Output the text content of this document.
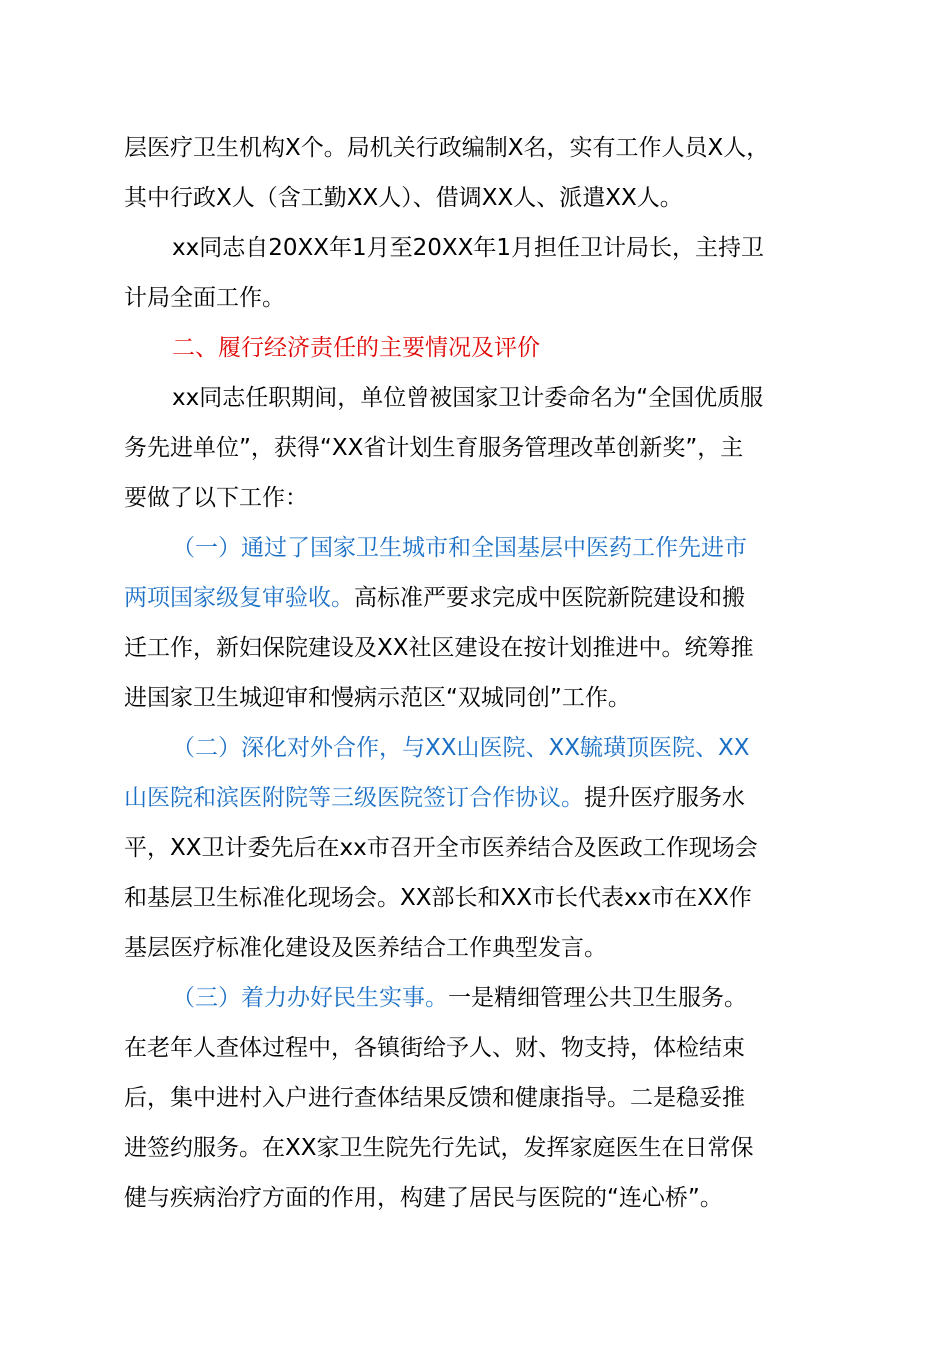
层医疗卫生机构X个。局机关行政编制X名，实有工作人员X人，
其中行政X人（含工勤XX人）、借调XX人、派遣XX人。
xx同志自20XX年1月至20XX年1月担任卫计局长，主持卫
计局全面工作。
二、履行经济责任的主要情况及评价
xx同志任职期间，单位曾被国家卫计委命名为“全国优质服
务先进单位”，获得“XX省计划生育服务管理改革创新奖”，主
要做了以下工作：
（一）通过了国家卫生城市和全国基层中医药工作先进市
两项国家级复审验收。高标准严要求完成中医院新院建设和搬
迁工作，新妇保院建设及XX社区建设在按计划推进中。统筹推
进国家卫生城迎审和慢病示范区“双城同创”工作。
（二）深化对外合作，与XX山医院、XX毓璜顶医院、XX
山医院和滨医附院等三级医院签订合作协议。提升医疗服务水
平，XX卫计委先后在xx市召开全市医养结合及医政工作现场会
和基层卫生标准化现场会。XX部长和XX市长代表xx市在XX作
基层医疗标准化建设及医养结合工作典型发言。
（三）着力办好民生实事。一是精细管理公共卫生服务。
在老年人查体过程中，各镇街给予人、财、物支持，体检结束
后，集中进村入户进行查体结果反馈和健康指导。二是稳妥推
进签约服务。在XX家卫生院先行先试，发挥家庭医生在日常保
健与疾病治疗方面的作用，构建了居民与医院的“连心桥”。
